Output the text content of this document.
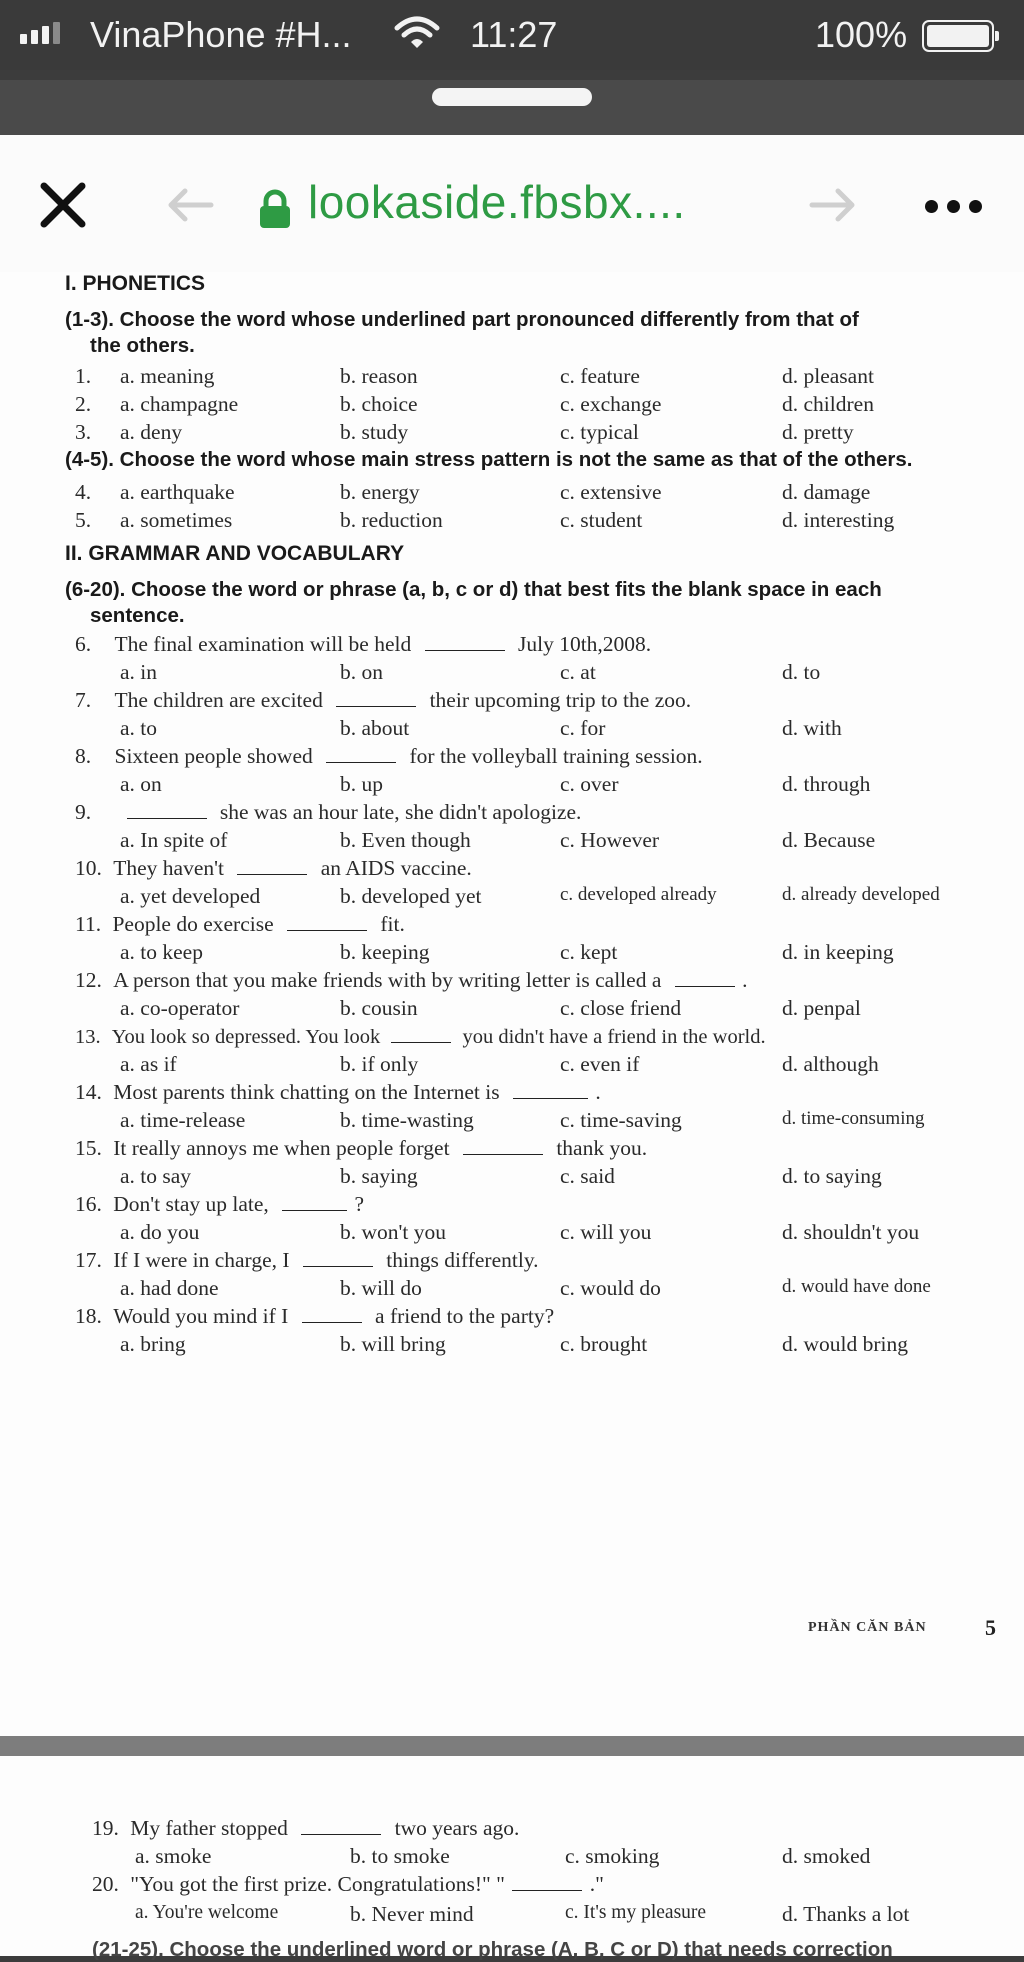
VinaPhone #H...	11:27	100%
lookaside.fbsbx....
I. PHONETICS
(1-3). Choose the word whose underlined part pronounced differently from that of
the others.
1. a. meaning	b. reason	c. feature	d. pleasant
2. a. champagne	b. choice	c. exchange	d. children
3. a. deny	b. study	c. typical	d. pretty
(4-5). Choose the word whose main stress pattern is not the same as that of the others.
4. a. earthquake	b. energy	c. extensive	d. damage
5. a. sometimes	b. reduction	c. student	d. interesting
II. GRAMMAR AND VOCABULARY
(6-20). Choose the word or phrase (a, b, c or d) that best fits the blank space in each
sentence.
6. The final examination will be held	July 10th,2008.
a. in	b. on	c. at	d. to
7. The children are excited	their upcoming trip to the zoo.
a. to	b. about	c. for	d. with
8. Sixteen people showed	for the volleyball training session.
a. on	b. up	c. over	d. through
9.	she was an hour late, she didn't apologize.
a. In spite of	b. Even though	c. However	d. Because
10. They haven't	an AIDS vaccine.
a. yet developed	b. developed yet	c. developed already	d. already developed
11. People do exercise	fit.
a. to keep	b. keeping	c. kept	d. in keeping
12. A person that you make friends with by writing letter is called a	.
a. co-operator	b. cousin	c. close friend	d. penpal
13. You look so depressed. You look	you didn't have a friend in the world.
a. as if	b. if only	c. even if	d. although
14. Most parents think chatting on the Internet is	.
a. time-release	b. time-wasting	c. time-saving	d. time-consuming
15. It really annoys me when people forget	thank you.
a. to say	b. saying	c. said	d. to saying
16. Don't stay up late,	?
a. do you	b. won't you	c. will you	d. shouldn't you
17. If I were in charge, I	things differently.
a. had done	b. will do	c. would do	d. would have done
18. Would you mind if I	a friend to the party?
a. bring	b. will bring	c. brought	d. would bring
PHẦN CĂN BẢN	5
19. My father stopped	two years ago.
a. smoke	b. to smoke	c. smoking	d. smoked
20. "You got the first prize. Congratulations!" "	."
a. You're welcome	b. Never mind	c. It's my pleasure	d. Thanks a lot
(21-25). Choose the underlined word or phrase (A, B, C or D) that needs correction
